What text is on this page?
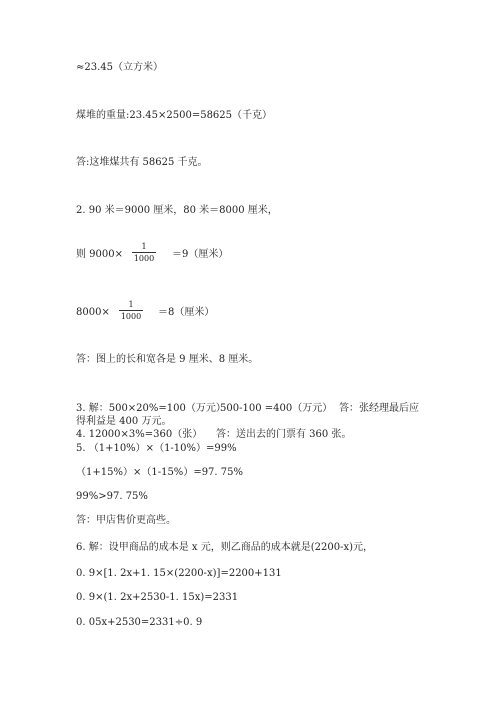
≈23.45（立方米）
煤堆的重量:23.45×2500=58625（千克）
答:这堆煤共有 58625 千克。
2. 90 米＝9000 厘米，80 米＝8000 厘米，
则 $9000\times \frac{1}{1000} =9$（厘米）
$8000\times \frac{1}{1000} =8$（厘米）
答：图上的长和宽各是 9 厘米、8 厘米。
3. 解：500×20%=100（万元）
500-100 =400（万元） 答：张经理最后应
得利益是 400 万元。
4. 12000×3%=360（张） 答：送出去的门票有 360 张。
5. （1+10%）×（1-10%）=99%
（1+15%）×（1-15%）=97. 75%
99%>97. 75%
答：甲店售价更高些。
6. 解：设甲商品的成本是 x 元，则乙商品的成本就是(2200-x)元，
0. 9×[1. 2x+1. 15×(2200-x)]=2200+131
0. 9×(1. 2x+2530-1. 15x)=2331
0. 05x+2530=2331÷0. 9
